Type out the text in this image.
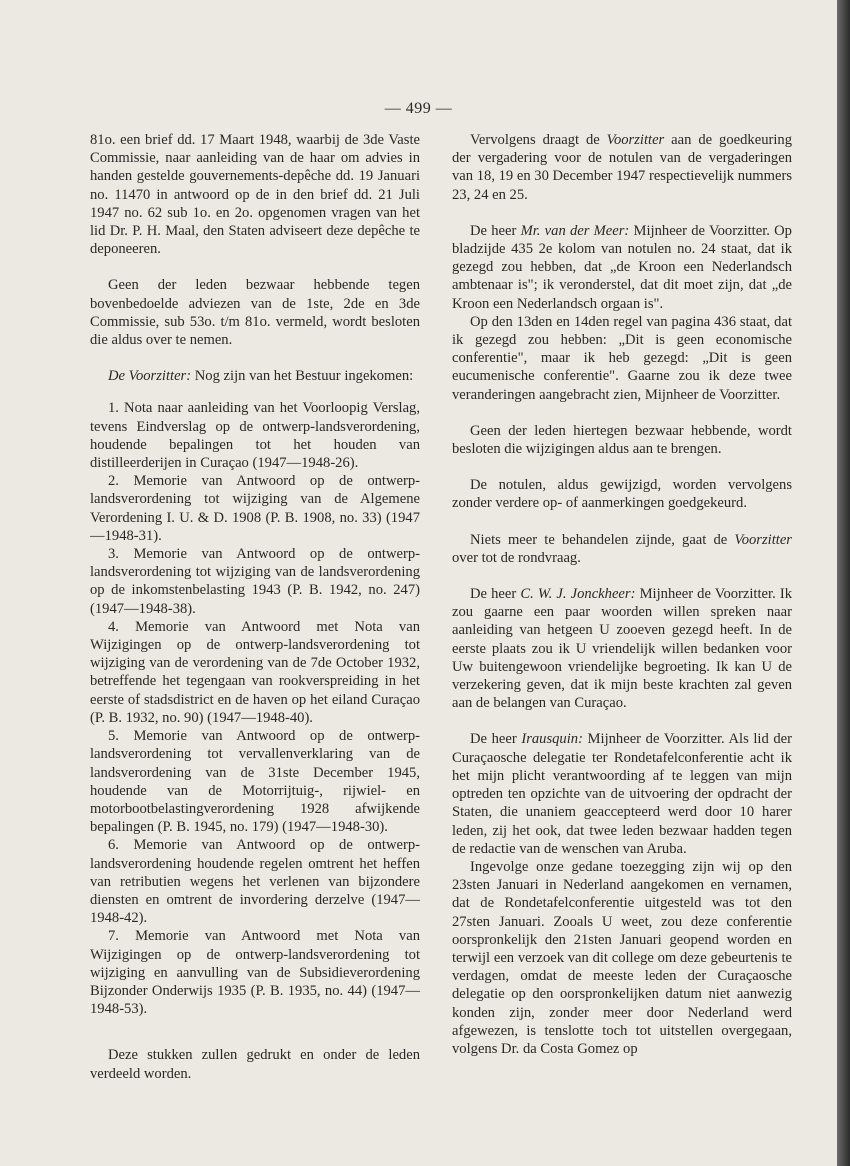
— 499 —

81o. een brief dd. 17 Maart 1948, waarbij de 3de Vaste Commissie, naar aanleiding van de haar om advies in handen gestelde gouvernements-depêche dd. 19 Januari no. 11470 in antwoord op de in den brief dd. 21 Juli 1947 no. 62 sub 1o. en 2o. opgenomen vragen van het lid Dr. P. H. Maal, den Staten adviseert deze depêche te deponeeren.

Geen der leden bezwaar hebbende tegen bovenbedoelde adviezen van de 1ste, 2de en 3de Commissie, sub 53o. t/m 81o. vermeld, wordt besloten die aldus over te nemen.

De Voorzitter: Nog zijn van het Bestuur ingekomen:

1. Nota naar aanleiding van het Voorloopig Verslag, tevens Eindverslag op de ontwerp-landsverordening, houdende bepalingen tot het houden van distilleerderijen in Curaçao (1947—1948-26).

2. Memorie van Antwoord op de ontwerp-landsverordening tot wijziging van de Algemene Verordening I. U. & D. 1908 (P. B. 1908, no. 33) (1947—1948-31).

3. Memorie van Antwoord op de ontwerp-landsverordening tot wijziging van de landsverordening op de inkomstenbelasting 1943 (P. B. 1942, no. 247) (1947—1948-38).

4. Memorie van Antwoord met Nota van Wijzigingen op de ontwerp-landsverordening tot wijziging van de verordening van de 7de October 1932, betreffende het tegengaan van rookverspreiding in het eerste of stadsdistrict en de haven op het eiland Curaçao (P. B. 1932, no. 90) (1947—1948-40).

5. Memorie van Antwoord op de ontwerp-landsverordening tot vervallenverklaring van de landsverordening van de 31ste December 1945, houdende van de Motorrijtuig-, rijwiel- en motorbootbelastingverordening 1928 afwijkende bepalingen (P. B. 1945, no. 179) (1947—1948-30).

6. Memorie van Antwoord op de ontwerp-landsverordening houdende regelen omtrent het heffen van retributien wegens het verlenen van bijzondere diensten en omtrent de invordering derzelve (1947—1948-42).

7. Memorie van Antwoord met Nota van Wijzigingen op de ontwerp-landsverordening tot wijziging en aanvulling van de Subsidieverordening Bijzonder Onderwijs 1935 (P. B. 1935, no. 44) (1947—1948-53).

Deze stukken zullen gedrukt en onder de leden verdeeld worden.

Vervolgens draagt de Voorzitter aan de goedkeuring der vergadering voor de notulen van de vergaderingen van 18, 19 en 30 December 1947 respectievelijk nummers 23, 24 en 25.

De heer Mr. van der Meer: Mijnheer de Voorzitter. Op bladzijde 435 2e kolom van notulen no. 24 staat, dat ik gezegd zou hebben, dat „de Kroon een Nederlandsch ambtenaar is"; ik veronderstel, dat dit moet zijn, dat „de Kroon een Nederlandsch orgaan is".

Op den 13den en 14den regel van pagina 436 staat, dat ik gezegd zou hebben: „Dit is geen economische conferentie", maar ik heb gezegd: „Dit is geen eucumenische conferentie". Gaarne zou ik deze twee veranderingen aangebracht zien, Mijnheer de Voorzitter.

Geen der leden hiertegen bezwaar hebbende, wordt besloten die wijzigingen aldus aan te brengen.

De notulen, aldus gewijzigd, worden vervolgens zonder verdere op- of aanmerkingen goedgekeurd.

Niets meer te behandelen zijnde, gaat de Voorzitter over tot de rondvraag.

De heer C. W. J. Jonckheer: Mijnheer de Voorzitter. Ik zou gaarne een paar woorden willen spreken naar aanleiding van hetgeen U zooeven gezegd heeft. In de eerste plaats zou ik U vriendelijk willen bedanken voor Uw buitengewoon vriendelijke begroeting. Ik kan U de verzekering geven, dat ik mijn beste krachten zal geven aan de belangen van Curaçao.

De heer Irausquin: Mijnheer de Voorzitter. Als lid der Curaçaosche delegatie ter Rondetafelconferentie acht ik het mijn plicht verantwoording af te leggen van mijn optreden ten opzichte van de uitvoering der opdracht der Staten, die unaniem geaccepteerd werd door 10 harer leden, zij het ook, dat twee leden bezwaar hadden tegen de redactie van de wenschen van Aruba.

Ingevolge onze gedane toezegging zijn wij op den 23sten Januari in Nederland aangekomen en vernamen, dat de Rondetafelconferentie uitgesteld was tot den 27sten Januari. Zooals U weet, zou deze conferentie oorspronkelijk den 21sten Januari geopend worden en terwijl een verzoek van dit college om deze gebeurtenis te verdagen, omdat de meeste leden der Curaçaosche delegatie op den oorspronkelijken datum niet aanwezig konden zijn, zonder meer door Nederland werd afgewezen, is tenslotte toch tot uitstellen overgegaan, volgens Dr. da Costa Gomez op
